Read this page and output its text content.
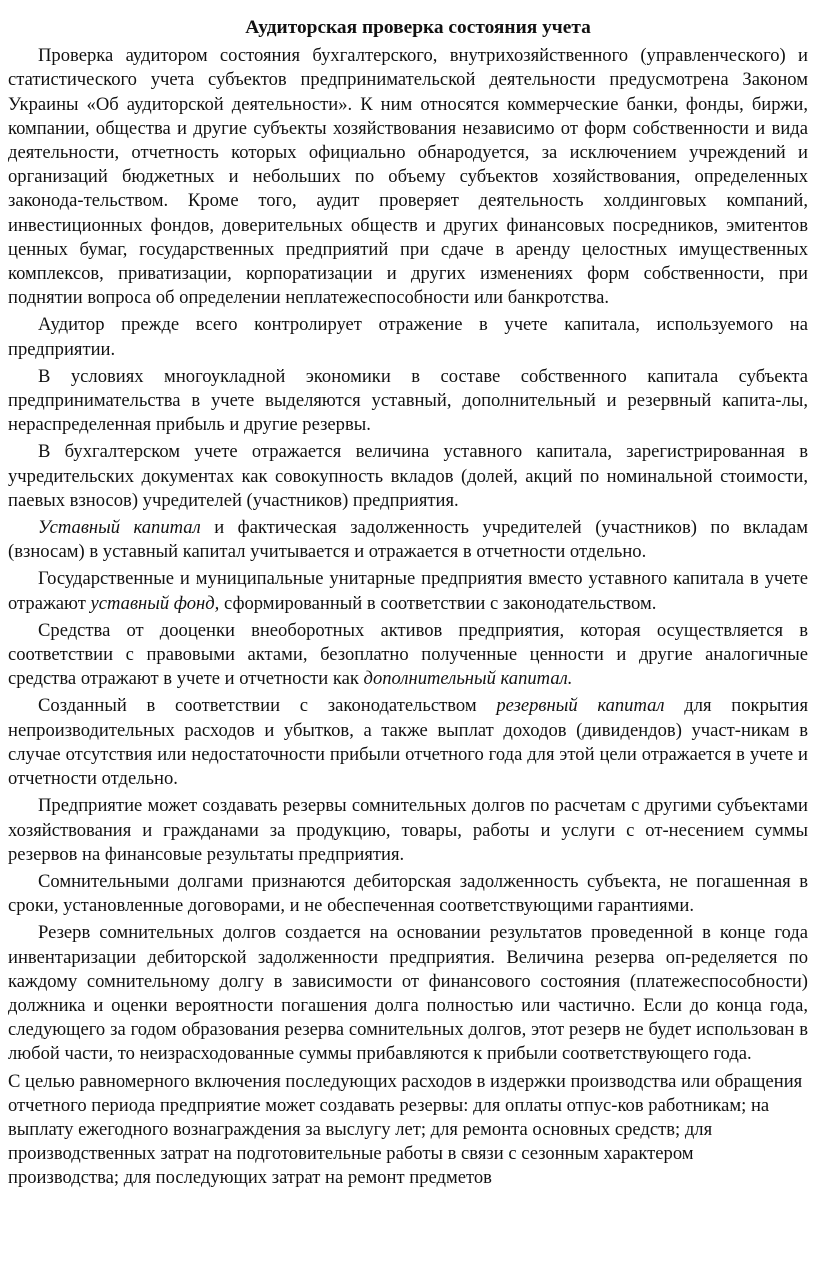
Аудиторская проверка состояния учета
Проверка аудитором состояния бухгалтерского, внутрихозяйственного (управленческого) и статистического учета субъектов предпринимательской деятельности предусмотрена Законом Украины «Об аудиторской деятельности». К ним относятся коммерческие банки, фонды, биржи, компании, общества и другие субъекты хозяйствования независимо от форм собственности и вида деятельности, отчетность которых официально обнародуется, за исключением учреждений и организаций бюджетных и небольших по объему субъектов хозяйствования, определенных законода-тельством. Кроме того, аудит проверяет деятельность холдинговых компаний, инвестиционных фондов, доверительных обществ и других финансовых посредников, эмитентов ценных бумаг, государственных предприятий при сдаче в аренду целостных имущественных комплексов, приватизации, корпоратизации и других изменениях форм собственности, при поднятии вопроса об определении неплатежеспособности или банкротства.
Аудитор прежде всего контролирует отражение в учете капитала, используемого на предприятии.
В условиях многоукладной экономики в составе собственного капитала субъекта предпринимательства в учете выделяются уставный, дополнительный и резервный капита-лы, нераспределенная прибыль и другие резервы.
В бухгалтерском учете отражается величина уставного капитала, зарегистрированная в учредительских документах как совокупность вкладов (долей, акций по номинальной стоимости, паевых взносов) учредителей (участников) предприятия.
Уставный капитал и фактическая задолженность учредителей (участников) по вкладам (взносам) в уставный капитал учитывается и отражается в отчетности отдельно.
Государственные и муниципальные унитарные предприятия вместо уставного капитала в учете отражают уставный фонд, сформированный в соответствии с законодательством.
Средства от дооценки внеоборотных активов предприятия, которая осуществляется в соответствии с правовыми актами, безоплатно полученные ценности и другие аналогичные средства отражают в учете и отчетности как дополнительный капитал.
Созданный в соответствии с законодательством резервный капитал для покрытия непроизводительных расходов и убытков, а также выплат доходов (дивидендов) участ-никам в случае отсутствия или недостаточности прибыли отчетного года для этой цели отражается в учете и отчетности отдельно.
Предприятие может создавать резервы сомнительных долгов по расчетам с другими субъектами хозяйствования и гражданами за продукцию, товары, работы и услуги с от-несением суммы резервов на финансовые результаты предприятия.
Сомнительными долгами признаются дебиторская задолженность субъекта, не погашенная в сроки, установленные договорами, и не обеспеченная соответствующими гарантиями.
Резерв сомнительных долгов создается на основании результатов проведенной в конце года инвентаризации дебиторской задолженности предприятия. Величина резерва оп-ределяется по каждому сомнительному долгу в зависимости от финансового состояния (платежеспособности) должника и оценки вероятности погашения долга полностью или частично. Если до конца года, следующего за годом образования резерва сомнительных долгов, этот резерв не будет использован в любой части, то неизрасходованные суммы прибавляются к прибыли соответствующего года.
С целью равномерного включения последующих расходов в издержки производства или обращения отчетного периода предприятие может создавать резервы: для оплаты отпус-ков работникам; на выплату ежегодного вознаграждения за выслугу лет; для ремонта основных средств; для производственных затрат на подготовительные работы в связи с сезонным характером производства; для последующих затрат на ремонт предметов
